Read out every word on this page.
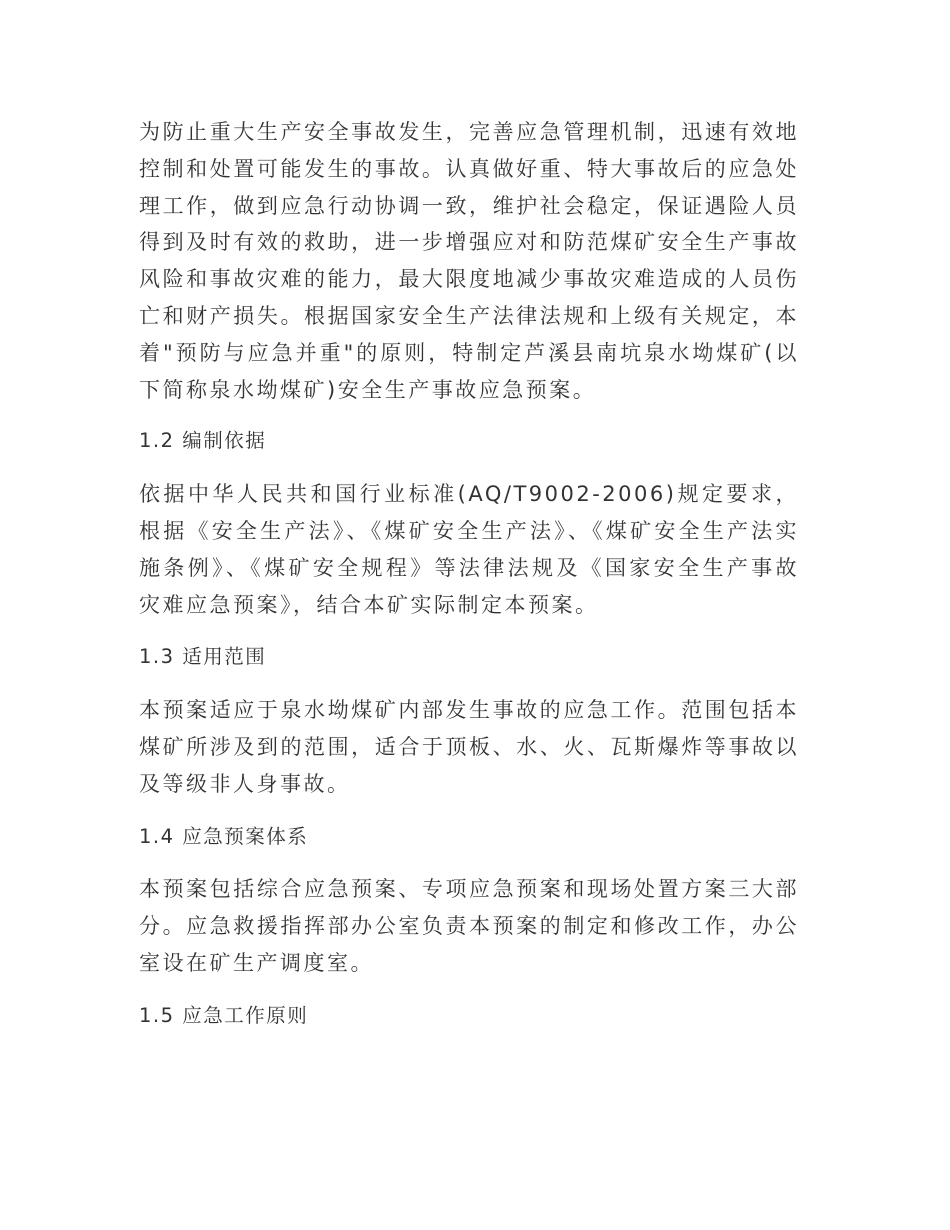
为防止重大生产安全事故发生，完善应急管理机制，迅速有效地控制和处置可能发生的事故。认真做好重、特大事故后的应急处理工作，做到应急行动协调一致，维护社会稳定，保证遇险人员得到及时有效的救助，进一步增强应对和防范煤矿安全生产事故风险和事故灾难的能力，最大限度地减少事故灾难造成的人员伤亡和财产损失。根据国家安全生产法律法规和上级有关规定，本着"预防与应急并重"的原则，特制定芦溪县南坑泉水坳煤矿(以下简称泉水坳煤矿)安全生产事故应急预案。

1.2 编制依据

依据中华人民共和国行业标准(AQ/T9002-2006)规定要求，根据《安全生产法》、《煤矿安全生产法》、《煤矿安全生产法实施条例》、《煤矿安全规程》等法律法规及《国家安全生产事故灾难应急预案》，结合本矿实际制定本预案。

1.3 适用范围

本预案适应于泉水坳煤矿内部发生事故的应急工作。范围包括本煤矿所涉及到的范围，适合于顶板、水、火、瓦斯爆炸等事故以及等级非人身事故。

1.4 应急预案体系

本预案包括综合应急预案、专项应急预案和现场处置方案三大部分。应急救援指挥部办公室负责本预案的制定和修改工作，办公室设在矿生产调度室。

1.5 应急工作原则
